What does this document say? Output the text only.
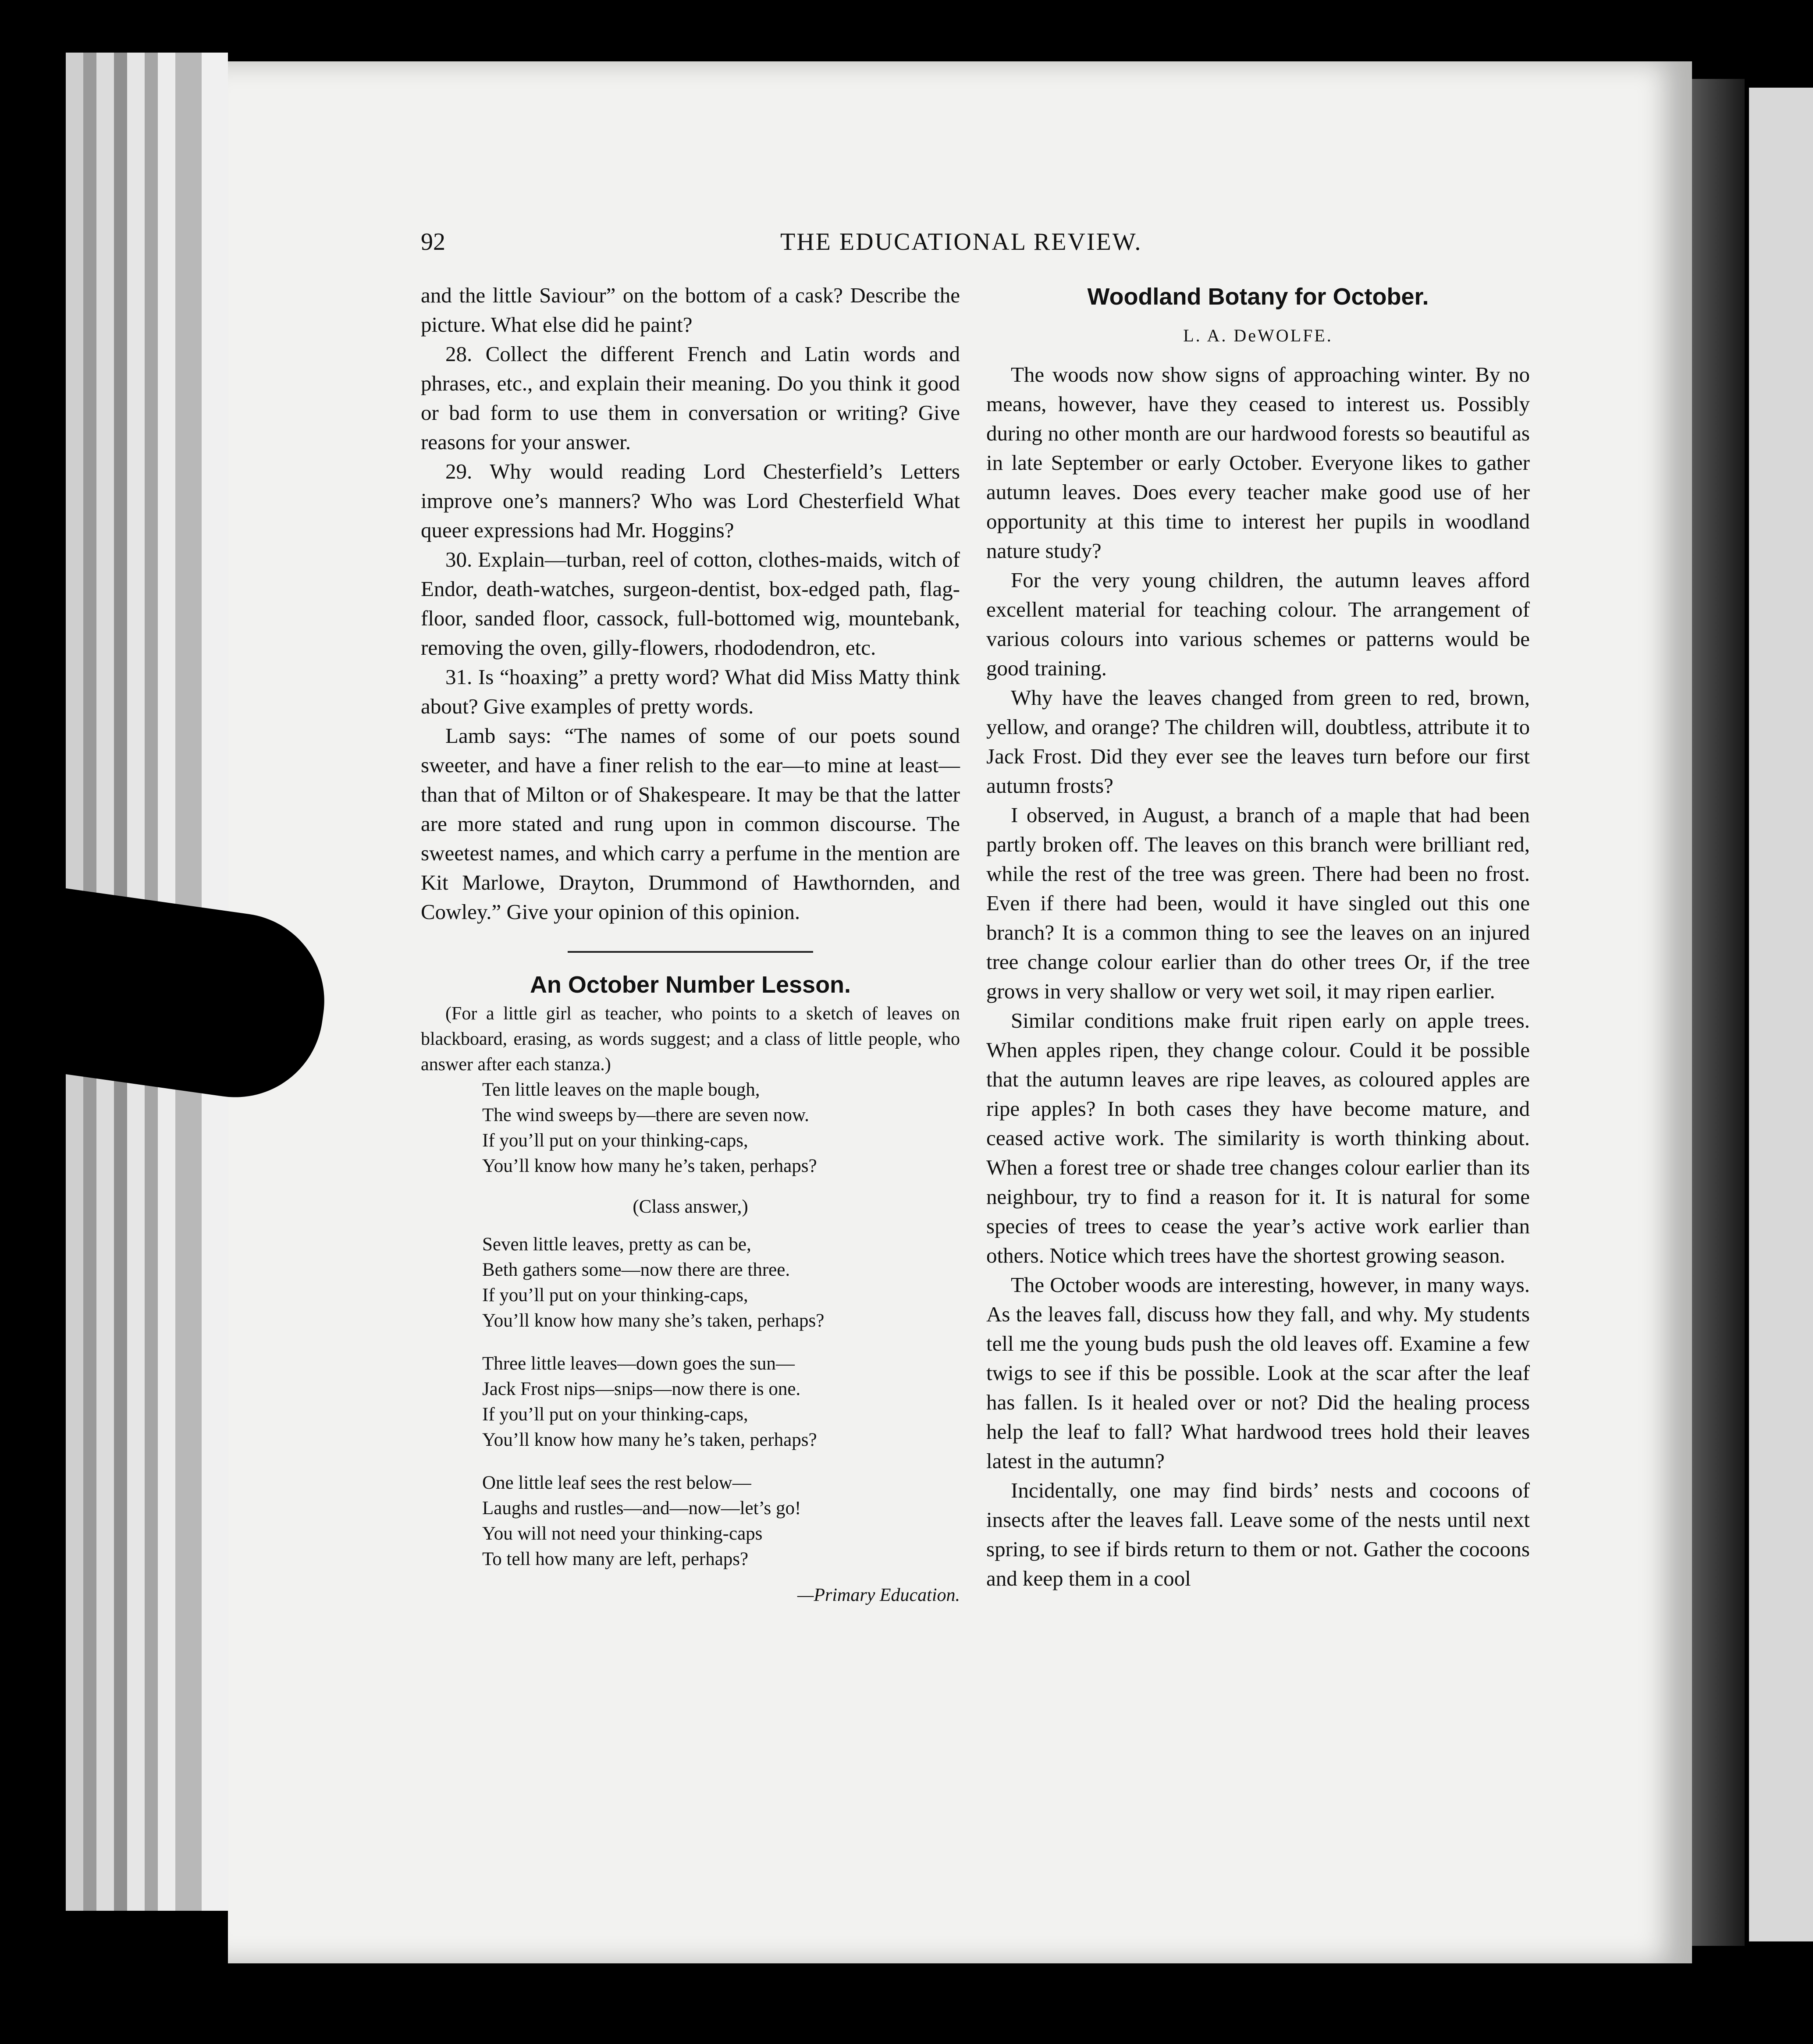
92	THE EDUCATIONAL REVIEW.

and the little Saviour” on the bottom of a cask? Describe the picture. What else did he paint?

28. Collect the different French and Latin words and phrases, etc., and explain their meaning. Do you think it good or bad form to use them in conversation or writing? Give reasons for your answer.

29. Why would reading Lord Chesterfield’s Letters improve one’s manners? Who was Lord Chesterfield What queer expressions had Mr. Hoggins?

30. Explain—turban, reel of cotton, clothes-maids, witch of Endor, death-watches, surgeon-dentist, box-edged path, flag-floor, sanded floor, cassock, full-bottomed wig, mountebank, removing the oven, gilly-flowers, rhododendron, etc.

31. Is “hoaxing” a pretty word? What did Miss Matty think about? Give examples of pretty words.

Lamb says: “The names of some of our poets sound sweeter, and have a finer relish to the ear—to mine at least—than that of Milton or of Shakespeare. It may be that the latter are more stated and rung upon in common discourse. The sweetest names, and which carry a perfume in the mention are Kit Marlowe, Drayton, Drummond of Hawthornden, and Cowley.” Give your opinion of this opinion.

An October Number Lesson.

(For a little girl as teacher, who points to a sketch of leaves on blackboard, erasing, as words suggest; and a class of little people, who answer after each stanza.)

Ten little leaves on the maple bough,
The wind sweeps by—there are seven now.
If you’ll put on your thinking-caps,
You’ll know how many he’s taken, perhaps?
(Class answer,)
Seven little leaves, pretty as can be,
Beth gathers some—now there are three.
If you’ll put on your thinking-caps,
You’ll know how many she’s taken, perhaps?
Three little leaves—down goes the sun—
Jack Frost nips—snips—now there is one.
If you’ll put on your thinking-caps,
You’ll know how many he’s taken, perhaps?
One little leaf sees the rest below—
Laughs and rustles—and—now—let’s go!
You will not need your thinking-caps
To tell how many are left, perhaps?
—Primary Education.
Woodland Botany for October.
L. A. DeWOLFE.

The woods now show signs of approaching winter. By no means, however, have they ceased to interest us. Possibly during no other month are our hardwood forests so beautiful as in late September or early October. Everyone likes to gather autumn leaves. Does every teacher make good use of her opportunity at this time to interest her pupils in woodland nature study?

For the very young children, the autumn leaves afford excellent material for teaching colour. The arrangement of various colours into various schemes or patterns would be good training.

Why have the leaves changed from green to red, brown, yellow, and orange? The children will, doubtless, attribute it to Jack Frost. Did they ever see the leaves turn before our first autumn frosts?

I observed, in August, a branch of a maple that had been partly broken off. The leaves on this branch were brilliant red, while the rest of the tree was green. There had been no frost. Even if there had been, would it have singled out this one branch? It is a common thing to see the leaves on an injured tree change colour earlier than do other trees Or, if the tree grows in very shallow or very wet soil, it may ripen earlier.

Similar conditions make fruit ripen early on apple trees. When apples ripen, they change colour. Could it be possible that the autumn leaves are ripe leaves, as coloured apples are ripe apples? In both cases they have become mature, and ceased active work. The similarity is worth thinking about. When a forest tree or shade tree changes colour earlier than its neighbour, try to find a reason for it. It is natural for some species of trees to cease the year’s active work earlier than others. Notice which trees have the shortest growing season.

The October woods are interesting, however, in many ways. As the leaves fall, discuss how they fall, and why. My students tell me the young buds push the old leaves off. Examine a few twigs to see if this be possible. Look at the scar after the leaf has fallen. Is it healed over or not? Did the healing process help the leaf to fall? What hardwood trees hold their leaves latest in the autumn?

Incidentally, one may find birds’ nests and cocoons of insects after the leaves fall. Leave some of the nests until next spring, to see if birds return to them or not. Gather the cocoons and keep them in a cool
